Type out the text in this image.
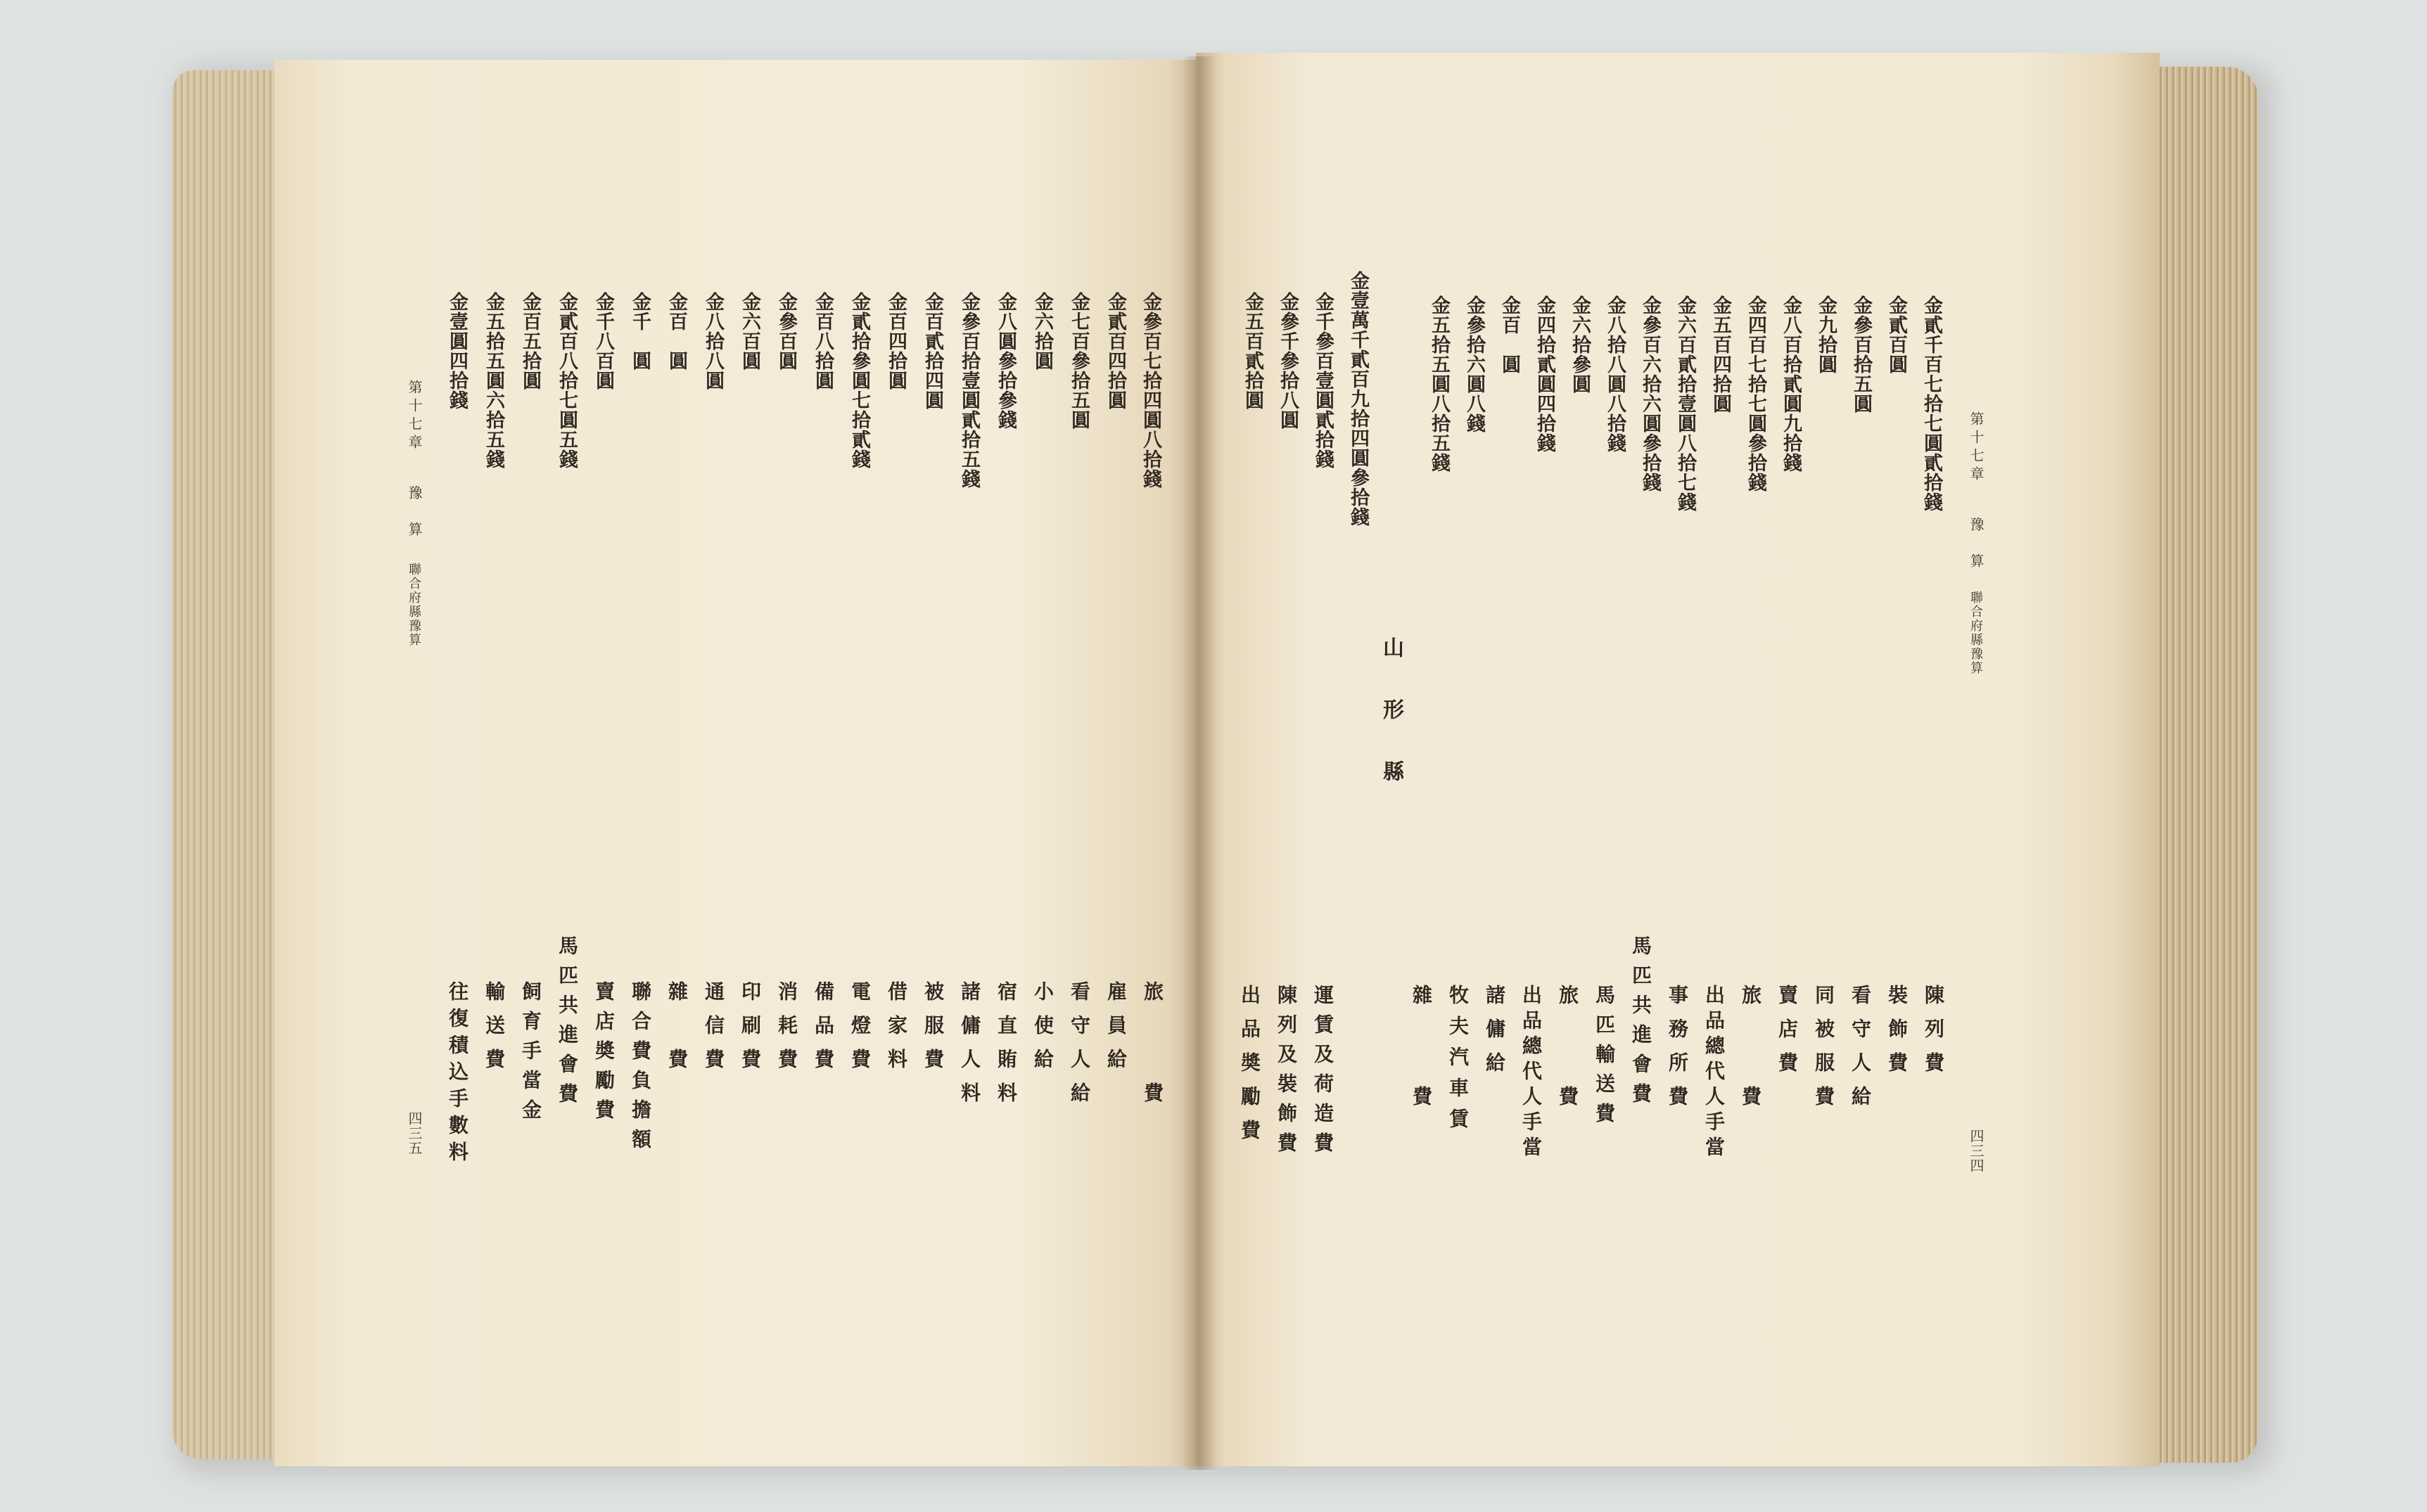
第十七章
豫　算
聯合府縣豫算
四三五
金參百七拾四圓八拾錢
金貳百四拾圓
金七百參拾五圓
金六拾圓
金八圓參拾參錢
金參百拾壹圓貳拾五錢
金百貳拾四圓
金百四拾圓
金貳拾參圓七拾貳錢
金百八拾圓
金參百圓
金六百圓
金八拾八圓
金百　圓
金千　圓
金千八百圓
金貳百八拾七圓五錢
金百五拾圓
金五拾五圓六拾五錢
金壹圓四拾錢
旅　　費
雇員給
看守人給
小使給
宿直賄料
諸傭人料
被服費
借家料
電燈費
備品費
消耗費
印刷費
通信費
雜　費
聯合費負擔額
賣店奬勵費
馬匹共進會費
飼育手當金
輸送費
往復積込手數料
第十七章
豫　算
聯合府縣豫算
四三四
金貳千百七拾七圓貳拾錢
金貳百圓
金參百拾五圓
金九拾圓
金八百拾貳圓九拾錢
金四百七拾七圓參拾錢
金五百四拾圓
金六百貳拾壹圓八拾七錢
金參百六拾六圓參拾錢
金八拾八圓八拾錢
金六拾參圓
金四拾貳圓四拾錢
金百　圓
金參拾六圓八錢
金五拾五圓八拾五錢
金壹萬千貳百九拾四圓參拾錢
金千參百壹圓貳拾錢
金參千參拾八圓
金五百貳拾圓
山形縣
陳列費
裝飾費
看守人給
同被服費
賣店費
旅　　費
出品總代人手當
事務所費
馬匹共進會費
馬匹輸送費
旅　　費
出品總代人手當
諸傭給
牧夫汽車賃
雜　　費
運賃及荷造費
陳列及裝飾費
出品奬勵費
